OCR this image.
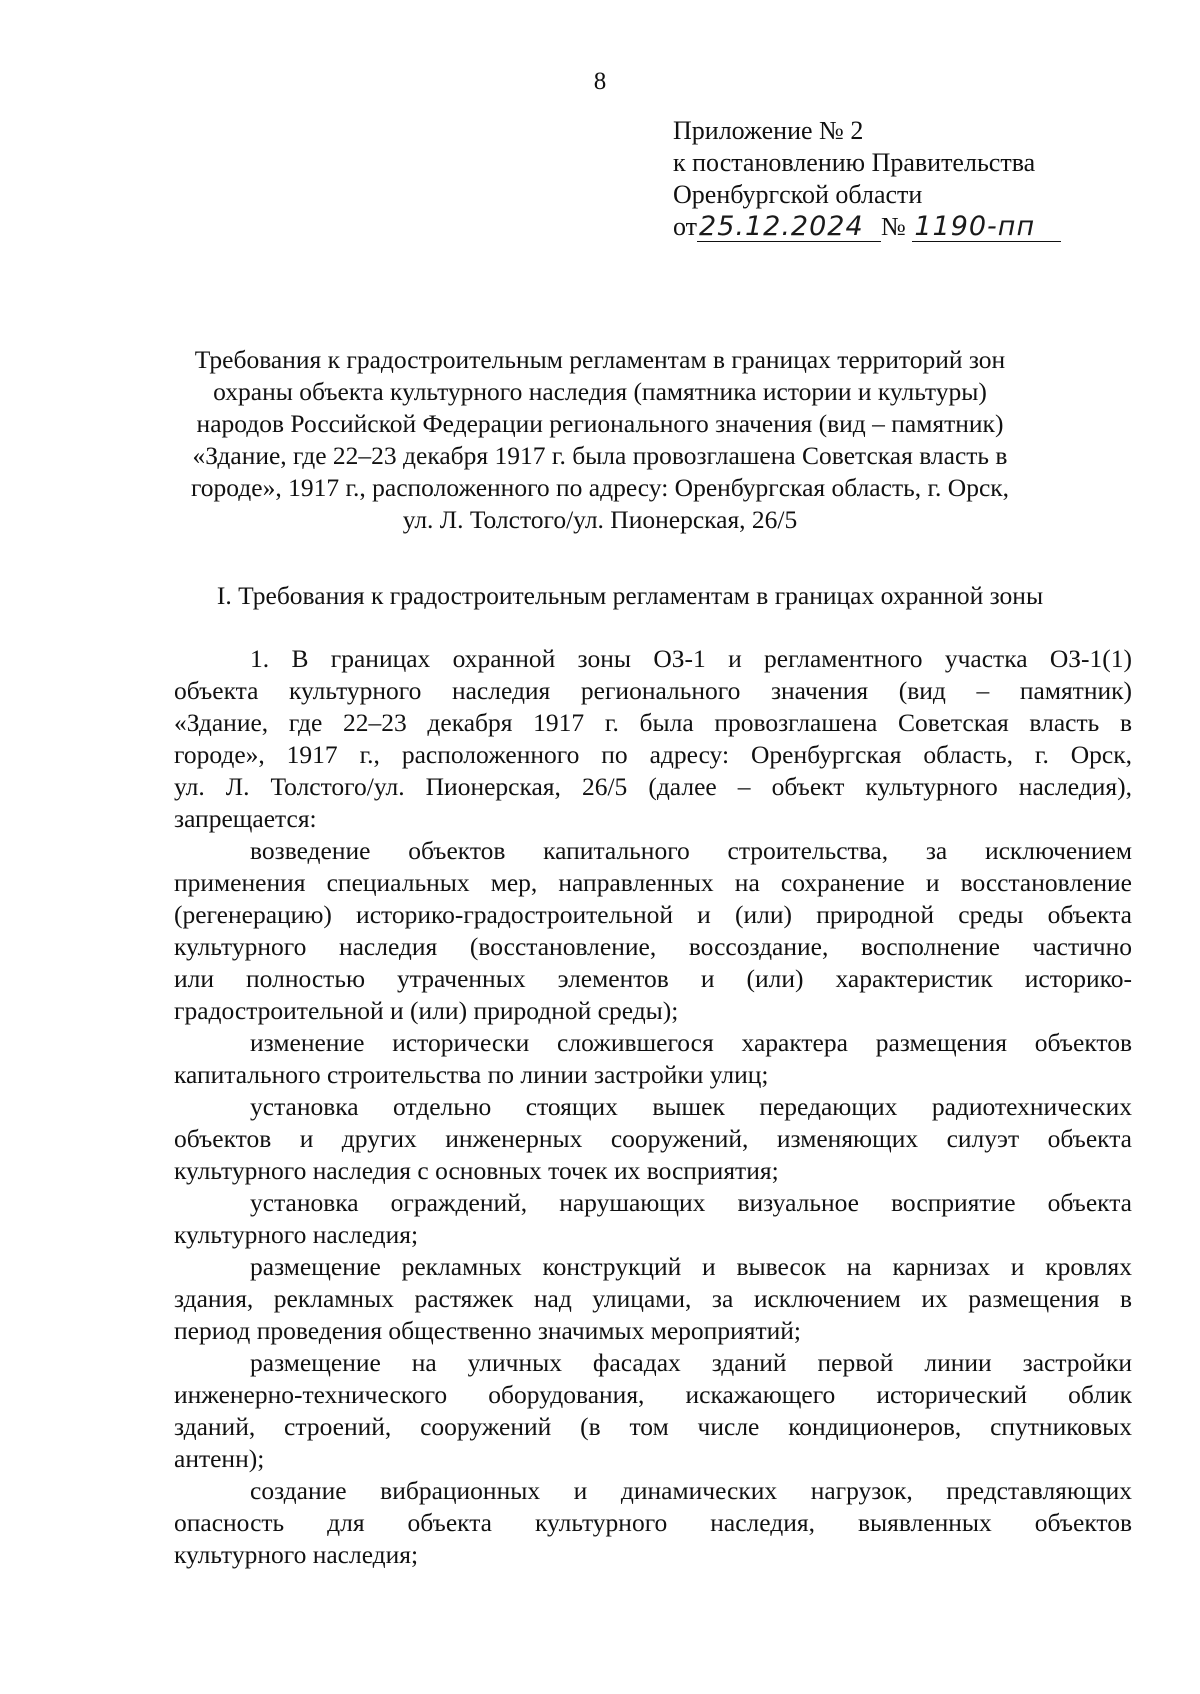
8
Приложение № 2
к постановлению Правительства
Оренбургской области
от25.12.2024 № 1190-пп
Требования к градостроительным регламентам в границах территорий зон
охраны объекта культурного наследия (памятника истории и культуры)
народов Российской Федерации регионального значения (вид – памятник)
«Здание, где 22–23 декабря 1917 г. была провозглашена Советская власть в
городе», 1917 г., расположенного по адресу: Оренбургская область, г. Орск,
ул. Л. Толстого/ул. Пионерская, 26/5
I. Требования к градостроительным регламентам в границах охранной зоны
1. В границах охранной зоны ОЗ-1 и регламентного участка ОЗ-1(1)
объекта культурного наследия регионального значения (вид – памятник)
«Здание, где 22–23 декабря 1917 г. была провозглашена Советская власть в
городе», 1917 г., расположенного по адресу: Оренбургская область, г. Орск,
ул. Л. Толстого/ул. Пионерская, 26/5 (далее – объект культурного наследия),
запрещается:
возведение объектов капитального строительства, за исключением
применения специальных мер, направленных на сохранение и восстановление
(регенерацию) историко-градостроительной и (или) природной среды объекта
культурного наследия (восстановление, воссоздание, восполнение частично
или полностью утраченных элементов и (или) характеристик историко-
градостроительной и (или) природной среды);
изменение исторически сложившегося характера размещения объектов
капитального строительства по линии застройки улиц;
установка отдельно стоящих вышек передающих радиотехнических
объектов и других инженерных сооружений, изменяющих силуэт объекта
культурного наследия с основных точек их восприятия;
установка ограждений, нарушающих визуальное восприятие объекта
культурного наследия;
размещение рекламных конструкций и вывесок на карнизах и кровлях
здания, рекламных растяжек над улицами, за исключением их размещения в
период проведения общественно значимых мероприятий;
размещение на уличных фасадах зданий первой линии застройки
инженерно-технического оборудования, искажающего исторический облик
зданий, строений, сооружений (в том числе кондиционеров, спутниковых
антенн);
создание вибрационных и динамических нагрузок, представляющих
опасность для объекта культурного наследия, выявленных объектов
культурного наследия;
